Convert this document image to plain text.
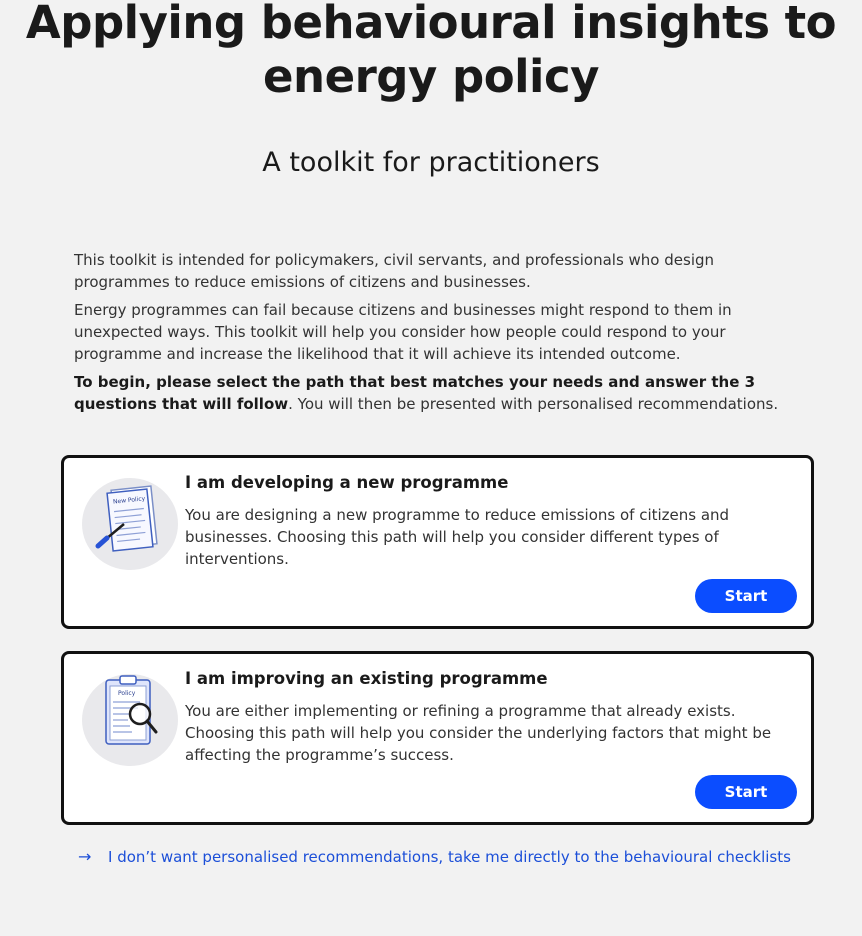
Applying behavioural insights to energy policy
A toolkit for practitioners

This toolkit is intended for policymakers, civil servants, and professionals who design programmes to reduce emissions of citizens and businesses.

Energy programmes can fail because citizens and businesses might respond to them in unexpected ways. This toolkit will help you consider how people could respond to your programme and increase the likelihood that it will achieve its intended outcome.

To begin, please select the path that best matches your needs and answer the 3 questions that will follow. You will then be presented with personalised recommendations.

New Policy
I am developing a new programme

You are designing a new programme to reduce emissions of citizens and businesses. Choosing this path will help you consider different types of interventions.

Start
Policy
I am improving an existing programme

You are either implementing or refining a programme that already exists. Choosing this path will help you consider the underlying factors that might be affecting the programme’s success.

Start
→	I don’t want personalised recommendations, take me directly to the behavioural checklists
